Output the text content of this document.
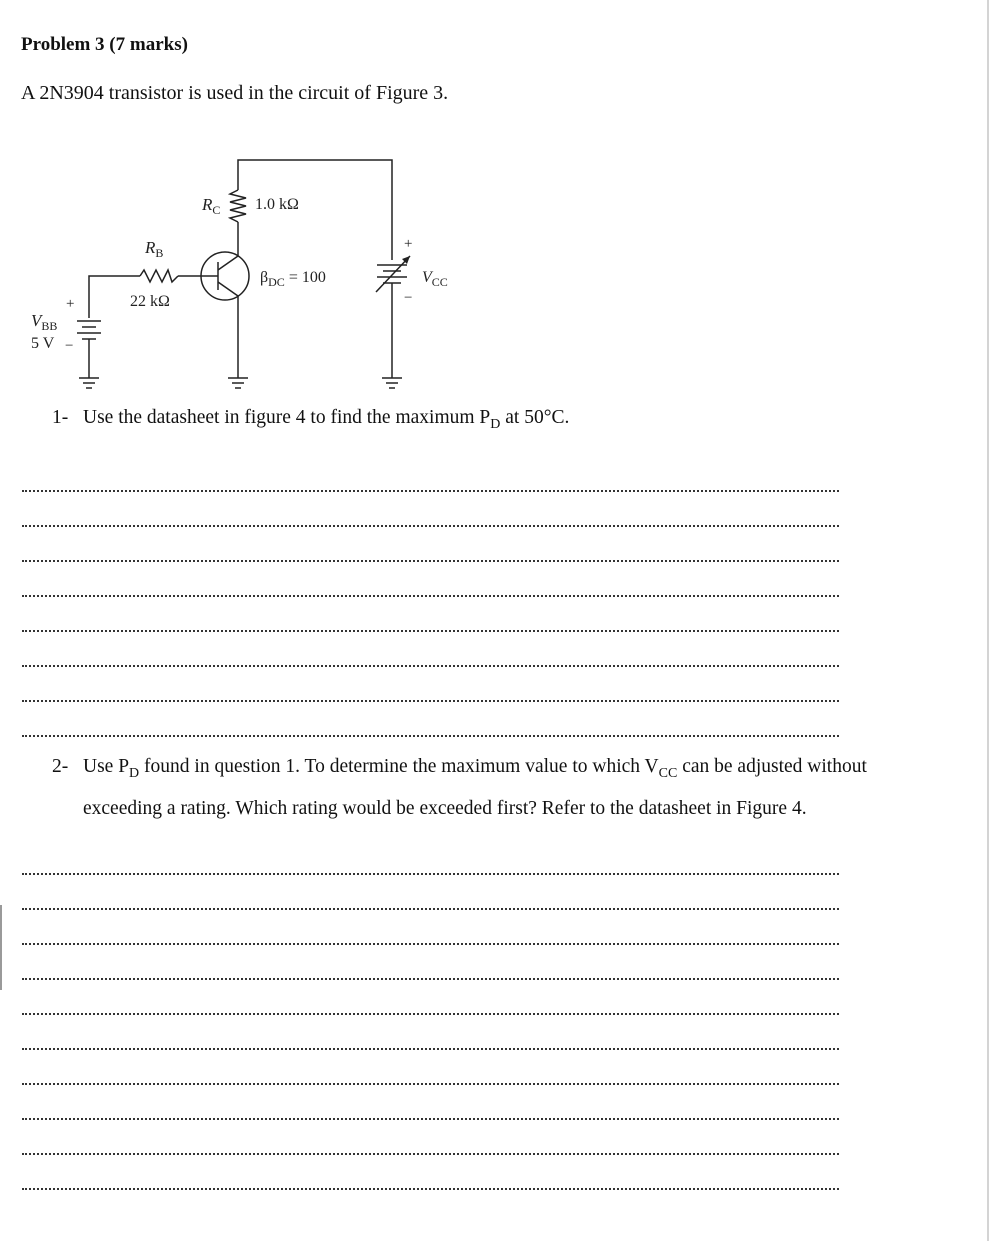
Problem 3 (7 marks)
A 2N3904 transistor is used in the circuit of Figure 3.
$R_C$ 1.0 kΩ
$R_B$
22 kΩ
$\beta_{DC} = 100$
+
$V_{BB}$
5 V −
+
$V_{CC}$
−
1- Use the datasheet in figure 4 to find the maximum $P_D$ at 50°C.
2- Use $P_D$ found in question 1. To determine the maximum value to which $V_{CC}$ can be adjusted without exceeding a rating. Which rating would be exceeded first? Refer to the datasheet in Figure 4.
